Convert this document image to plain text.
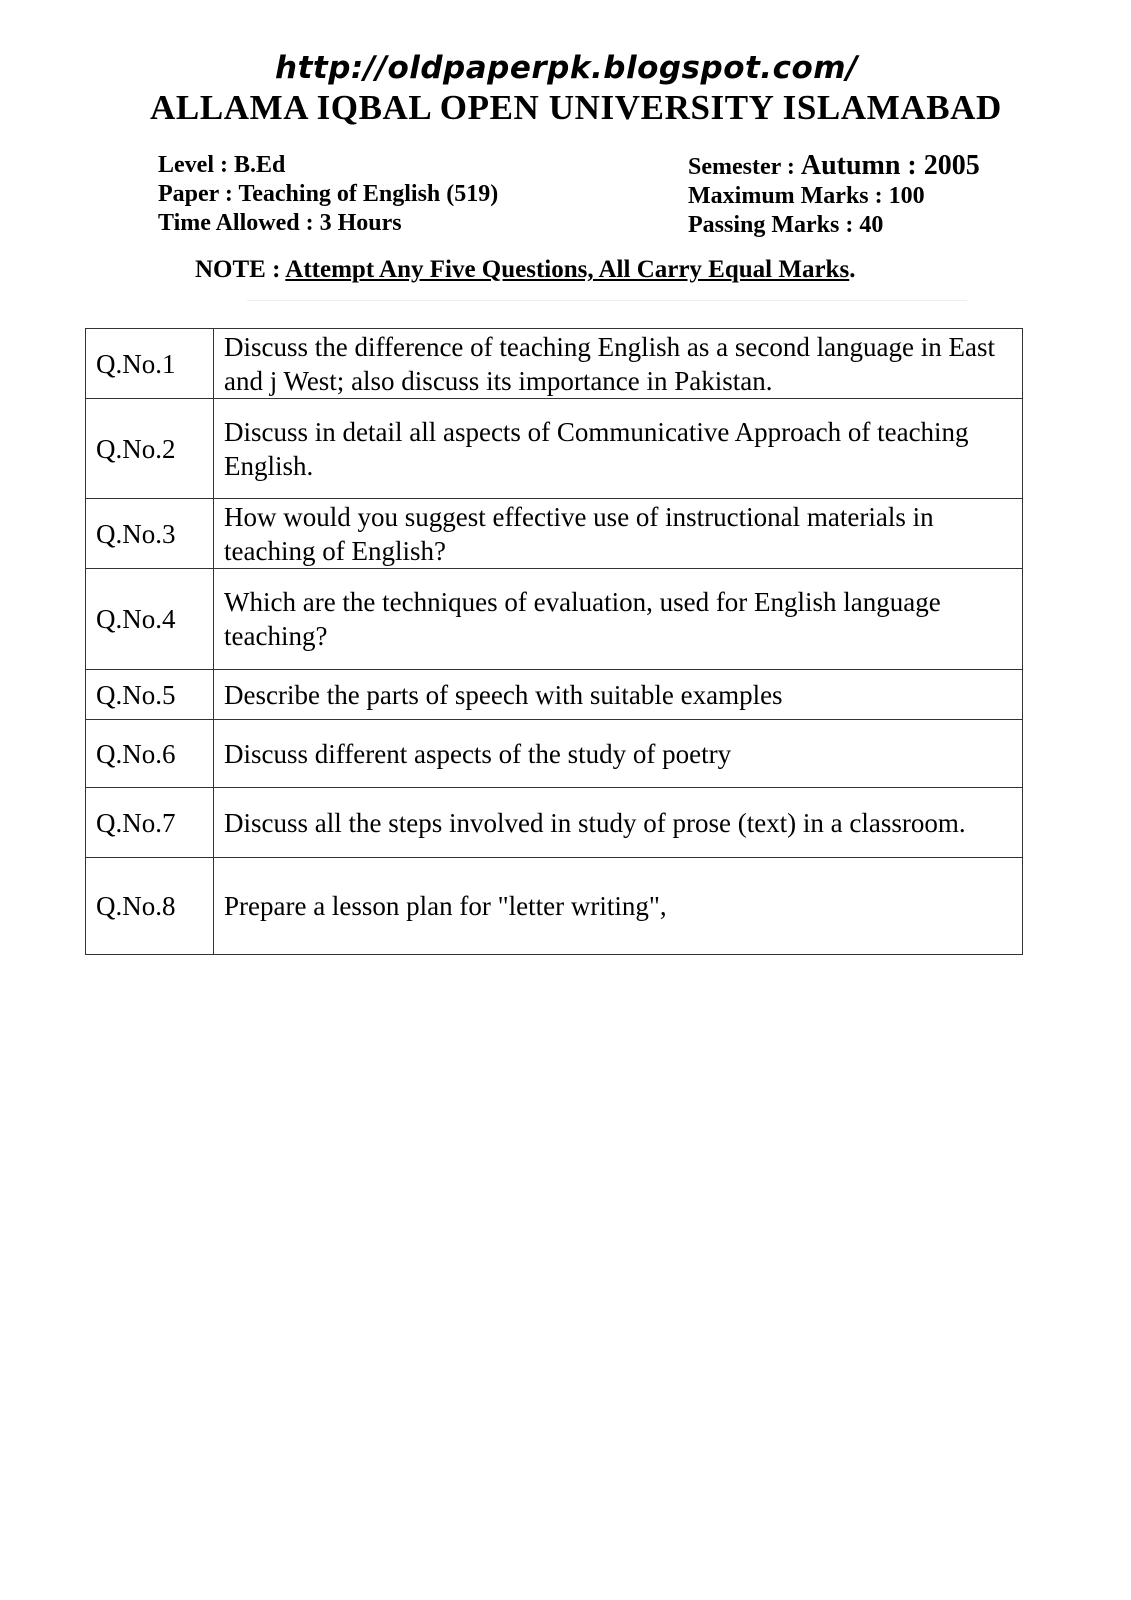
http://oldpaperpk.blogspot.com/
ALLAMA IQBAL OPEN UNIVERSITY ISLAMABAD
Level : B.Ed
Paper : Teaching of English (519)
Time Allowed : 3 Hours
Semester : Autumn : 2005
Maximum Marks : 100
Passing Marks : 40
NOTE : Attempt Any Five Questions, All Carry Equal Marks.
Q.No.1	Discuss the difference of teaching English as a second language in East and j West; also discuss its importance in Pakistan.
Q.No.2	Discuss in detail all aspects of Communicative Approach of teaching English.
Q.No.3	How would you suggest effective use of instructional materials in teaching of English?
Q.No.4	Which are the techniques of evaluation, used for English language teaching?
Q.No.5	Describe the parts of speech with suitable examples
Q.No.6	Discuss different aspects of the study of poetry
Q.No.7	Discuss all the steps involved in study of prose (text) in a classroom.
Q.No.8	Prepare a lesson plan for "letter writing",
